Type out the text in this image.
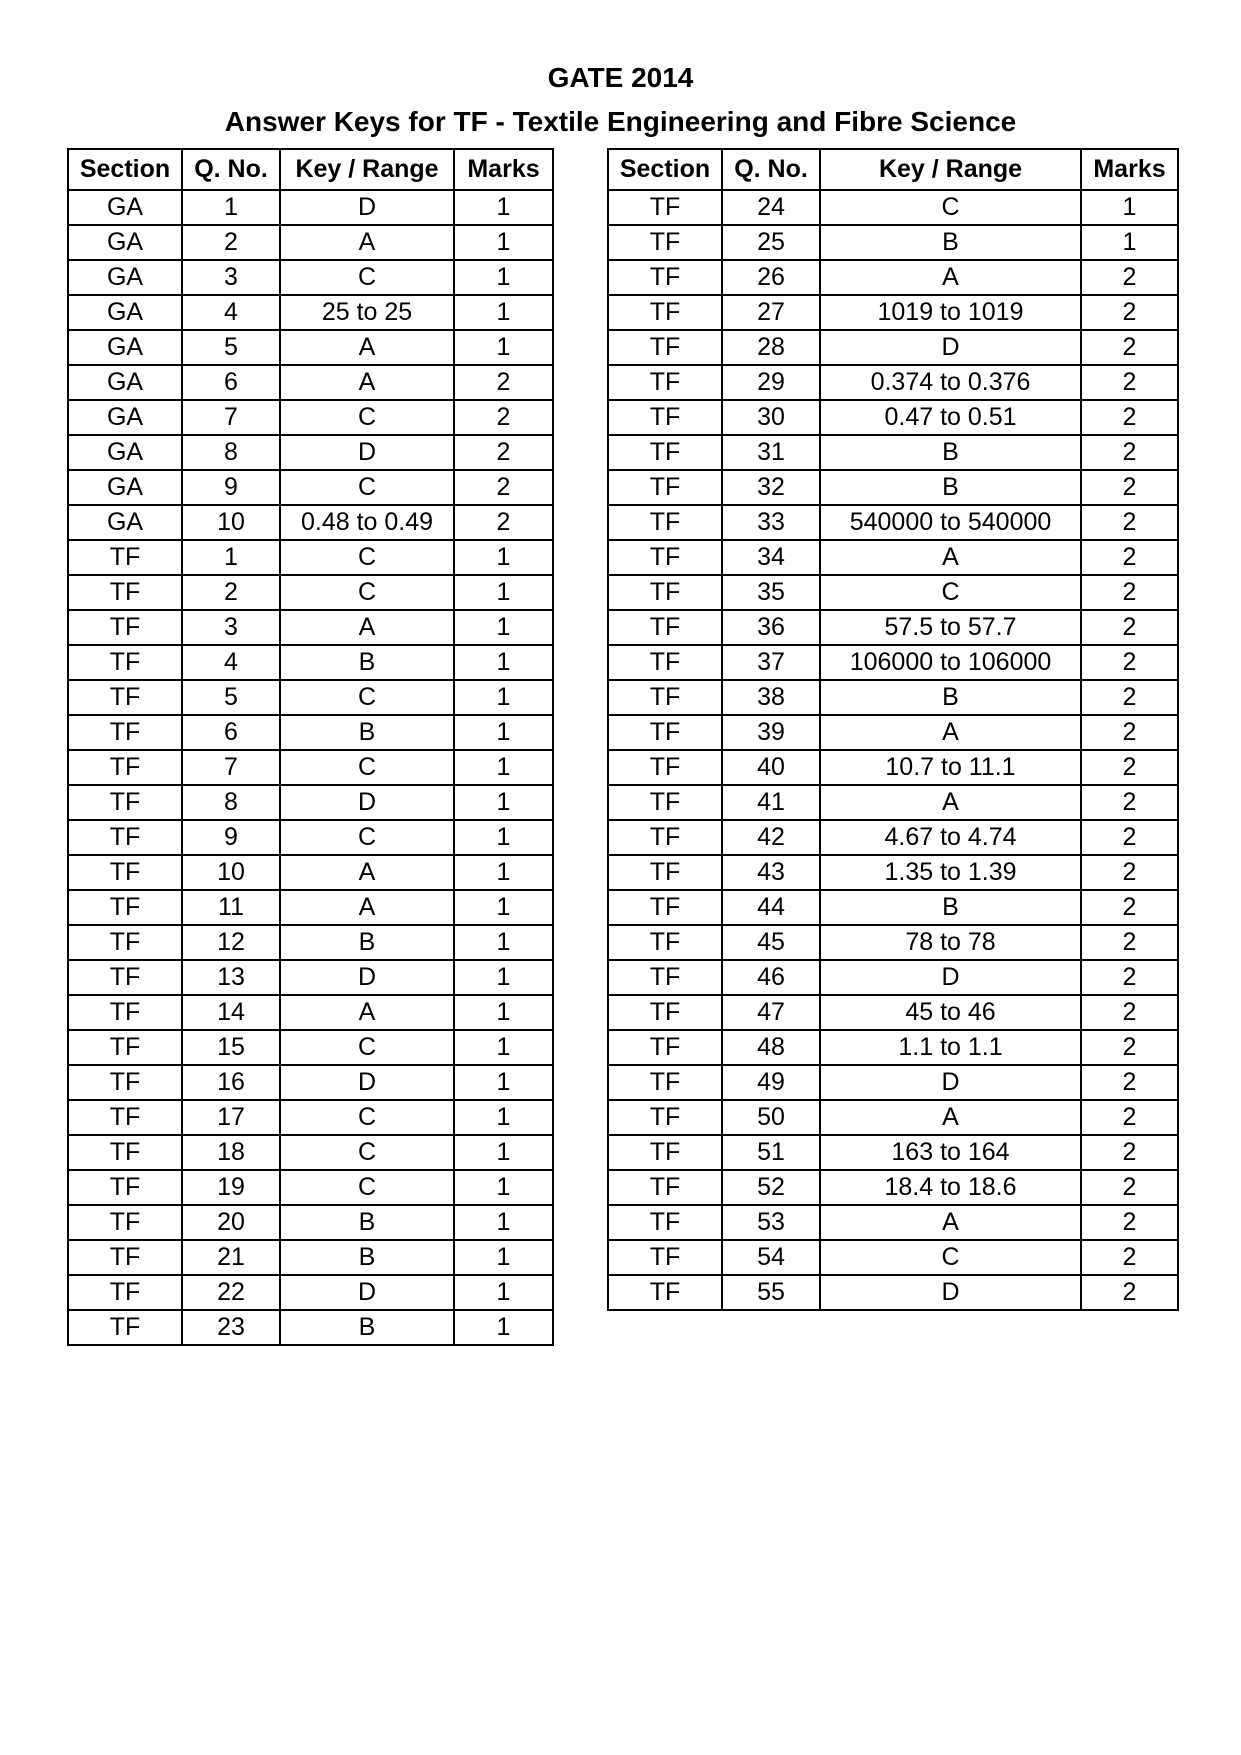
GATE 2014
Answer Keys for TF - Textile Engineering and Fibre Science
Section	Q. No.	Key / Range	Marks
GA	1	D	1
GA	2	A	1
GA	3	C	1
GA	4	25 to 25	1
GA	5	A	1
GA	6	A	2
GA	7	C	2
GA	8	D	2
GA	9	C	2
GA	10	0.48 to 0.49	2
TF	1	C	1
TF	2	C	1
TF	3	A	1
TF	4	B	1
TF	5	C	1
TF	6	B	1
TF	7	C	1
TF	8	D	1
TF	9	C	1
TF	10	A	1
TF	11	A	1
TF	12	B	1
TF	13	D	1
TF	14	A	1
TF	15	C	1
TF	16	D	1
TF	17	C	1
TF	18	C	1
TF	19	C	1
TF	20	B	1
TF	21	B	1
TF	22	D	1
TF	23	B	1
Section	Q. No.	Key / Range	Marks
TF	24	C	1
TF	25	B	1
TF	26	A	2
TF	27	1019 to 1019	2
TF	28	D	2
TF	29	0.374 to 0.376	2
TF	30	0.47 to 0.51	2
TF	31	B	2
TF	32	B	2
TF	33	540000 to 540000	2
TF	34	A	2
TF	35	C	2
TF	36	57.5 to 57.7	2
TF	37	106000 to 106000	2
TF	38	B	2
TF	39	A	2
TF	40	10.7 to 11.1	2
TF	41	A	2
TF	42	4.67 to 4.74	2
TF	43	1.35 to 1.39	2
TF	44	B	2
TF	45	78 to 78	2
TF	46	D	2
TF	47	45 to 46	2
TF	48	1.1 to 1.1	2
TF	49	D	2
TF	50	A	2
TF	51	163 to 164	2
TF	52	18.4 to 18.6	2
TF	53	A	2
TF	54	C	2
TF	55	D	2
